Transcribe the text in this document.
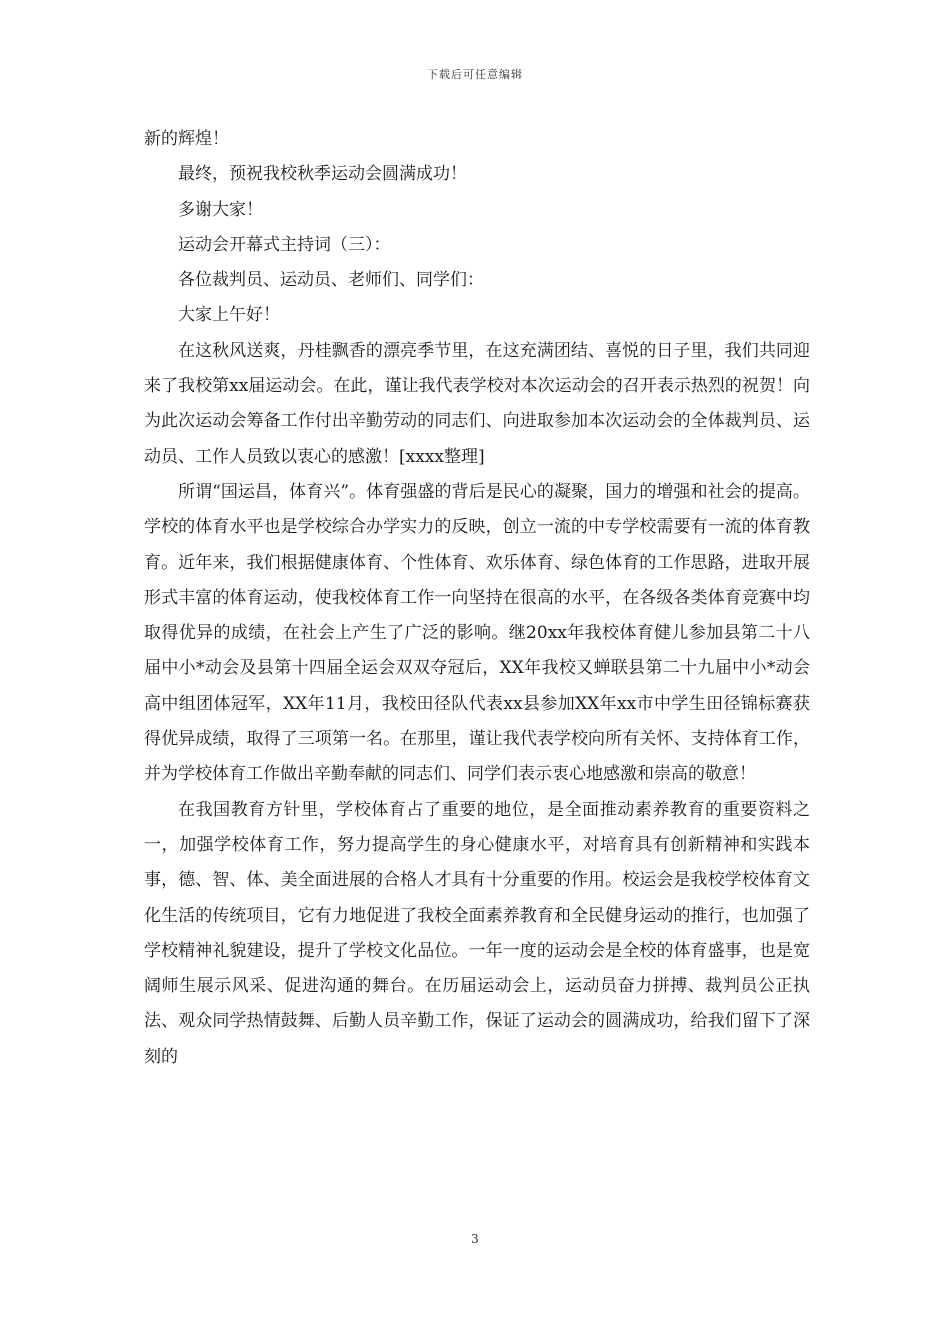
下载后可任意编辑

新的辉煌！

最终，预祝我校秋季运动会圆满成功！

多谢大家！

运动会开幕式主持词（三）：

各位裁判员、运动员、老师们、同学们：

大家上午好！

在这秋风送爽，丹桂飘香的漂亮季节里，在这充满团结、喜悦的日子里，我们共同迎来了我校第xx届运动会。在此，谨让我代表学校对本次运动会的召开表示热烈的祝贺！向为此次运动会筹备工作付出辛勤劳动的同志们、向进取参加本次运动会的全体裁判员、运动员、工作人员致以衷心的感激！[xxxx整理]

所谓“国运昌，体育兴”。体育强盛的背后是民心的凝聚，国力的增强和社会的提高。学校的体育水平也是学校综合办学实力的反映，创立一流的中专学校需要有一流的体育教育。近年来，我们根据健康体育、个性体育、欢乐体育、绿色体育的工作思路，进取开展形式丰富的体育运动，使我校体育工作一向坚持在很高的水平，在各级各类体育竞赛中均取得优异的成绩，在社会上产生了广泛的影响。继20xx年我校体育健儿参加县第二十八届中小*动会及县第十四届全运会双双夺冠后，XX年我校又蝉联县第二十九届中小*动会高中组团体冠军，XX年11月，我校田径队代表xx县参加XX年xx市中学生田径锦标赛获得优异成绩，取得了三项第一名。在那里，谨让我代表学校向所有关怀、支持体育工作，并为学校体育工作做出辛勤奉献的同志们、同学们表示衷心地感激和崇高的敬意！

在我国教育方针里，学校体育占了重要的地位，是全面推动素养教育的重要资料之一，加强学校体育工作，努力提高学生的身心健康水平，对培育具有创新精神和实践本事，德、智、体、美全面进展的合格人才具有十分重要的作用。校运会是我校学校体育文化生活的传统项目，它有力地促进了我校全面素养教育和全民健身运动的推行，也加强了学校精神礼貌建设，提升了学校文化品位。一年一度的运动会是全校的体育盛事，也是宽阔师生展示风采、促进沟通的舞台。在历届运动会上，运动员奋力拼搏、裁判员公正执法、观众同学热情鼓舞、后勤人员辛勤工作，保证了运动会的圆满成功，给我们留下了深刻的

3
